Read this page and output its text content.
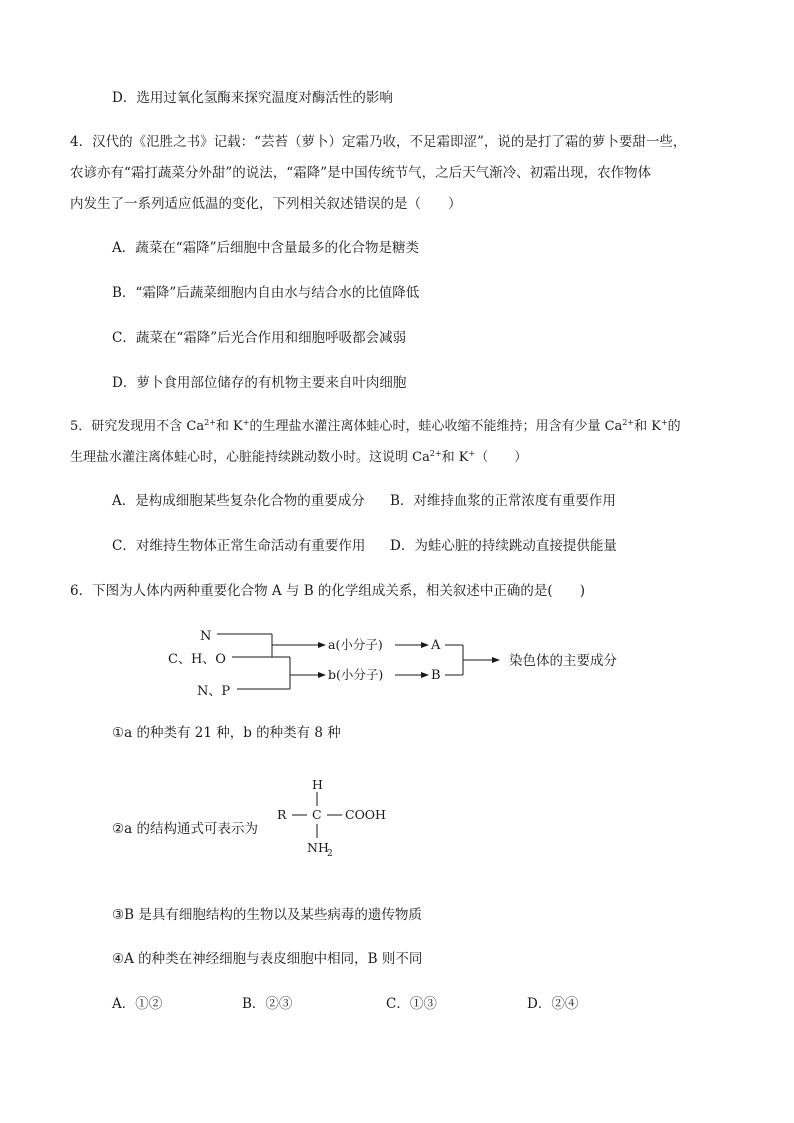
D．选用过氧化氢酶来探究温度对酶活性的影响
4．汉代的《氾胜之书》记载：“芸苔（萝卜）定霜乃收，不足霜即涩”，说的是打了霜的萝卜要甜一些，
农谚亦有“霜打蔬菜分外甜”的说法，“霜降”是中国传统节气，之后天气渐冷、初霜出现，农作物体
内发生了一系列适应低温的变化，下列相关叙述错误的是（　　）
A．蔬菜在“霜降”后细胞中含量最多的化合物是糖类
B．“霜降”后蔬菜细胞内自由水与结合水的比值降低
C．蔬菜在“霜降”后光合作用和细胞呼吸都会减弱
D．萝卜食用部位储存的有机物主要来自叶肉细胞
5．研究发现用不含 $Ca^{2+}$和 K+的生理盐水灌注离体蛙心时，蛙心收缩不能维持；用含有少量 $Ca^{2+}$和 K+的
生理盐水灌注离体蛙心时，心脏能持续跳动数小时。这说明 $Ca^{2+}$和 K+（　　）
A．是构成细胞某些复杂化合物的重要成分 B．对维持血浆的正常浓度有重要作用
C．对维持生物体正常生命活动有重要作用 D．为蛙心脏的持续跳动直接提供能量
6．下图为人体内两种重要化合物 A 与 B 的化学组成关系，相关叙述中正确的是(　　)
N
C、H、O
N、P
a(小分子)
b(小分子)
A
B
染色体的主要成分
①a 的种类有 21 种，b 的种类有 8 种
②a 的结构通式可表示为
H
R C COOH
NH
2
③B 是具有细胞结构的生物以及某些病毒的遗传物质
④A 的种类在神经细胞与表皮细胞中相同，B 则不同
A．①②	B．②③	C．①③	D．②④
